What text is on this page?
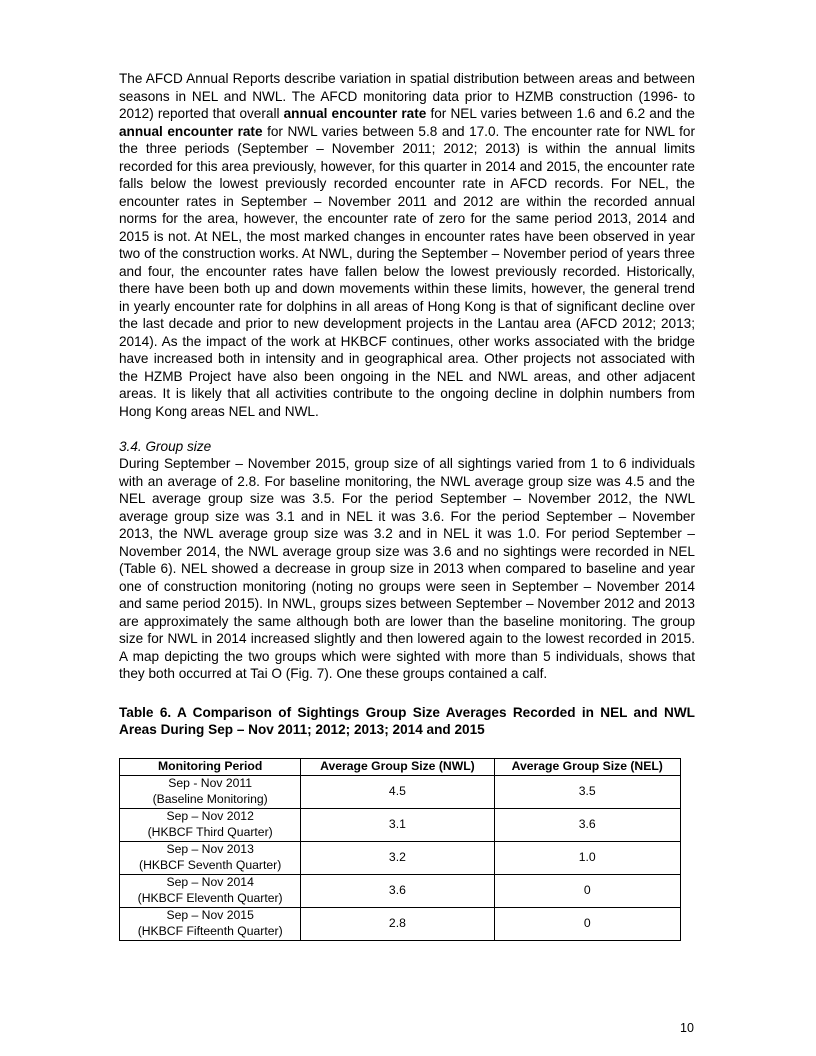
The AFCD Annual Reports describe variation in spatial distribution between areas and between seasons in NEL and NWL. The AFCD monitoring data prior to HZMB construction (1996- to 2012) reported that overall annual encounter rate for NEL varies between 1.6 and 6.2 and the annual encounter rate for NWL varies between 5.8 and 17.0. The encounter rate for NWL for the three periods (September – November 2011; 2012; 2013) is within the annual limits recorded for this area previously, however, for this quarter in 2014 and 2015, the encounter rate falls below the lowest previously recorded encounter rate in AFCD records. For NEL, the encounter rates in September – November 2011 and 2012 are within the recorded annual norms for the area, however, the encounter rate of zero for the same period 2013, 2014 and 2015 is not. At NEL, the most marked changes in encounter rates have been observed in year two of the construction works. At NWL, during the September – November period of years three and four, the encounter rates have fallen below the lowest previously recorded. Historically, there have been both up and down movements within these limits, however, the general trend in yearly encounter rate for dolphins in all areas of Hong Kong is that of significant decline over the last decade and prior to new development projects in the Lantau area (AFCD 2012; 2013; 2014). As the impact of the work at HKBCF continues, other works associated with the bridge have increased both in intensity and in geographical area. Other projects not associated with the HZMB Project have also been ongoing in the NEL and NWL areas, and other adjacent areas. It is likely that all activities contribute to the ongoing decline in dolphin numbers from Hong Kong areas NEL and NWL.

3.4. Group size

During September – November 2015, group size of all sightings varied from 1 to 6 individuals with an average of 2.8. For baseline monitoring, the NWL average group size was 4.5 and the NEL average group size was 3.5. For the period September – November 2012, the NWL average group size was 3.1 and in NEL it was 3.6. For the period September – November 2013, the NWL average group size was 3.2 and in NEL it was 1.0. For period September – November 2014, the NWL average group size was 3.6 and no sightings were recorded in NEL (Table 6). NEL showed a decrease in group size in 2013 when compared to baseline and year one of construction monitoring (noting no groups were seen in September – November 2014 and same period 2015). In NWL, groups sizes between September – November 2012 and 2013 are approximately the same although both are lower than the baseline monitoring. The group size for NWL in 2014 increased slightly and then lowered again to the lowest recorded in 2015. A map depicting the two groups which were sighted with more than 5 individuals, shows that they both occurred at Tai O (Fig. 7). One these groups contained a calf.

Table 6. A Comparison of Sightings Group Size Averages Recorded in NEL and NWL Areas During Sep – Nov 2011; 2012; 2013; 2014 and 2015

Monitoring Period	Average Group Size (NWL)	Average Group Size (NEL)
Sep - Nov 2011
(Baseline Monitoring)	4.5	3.5
Sep – Nov 2012
(HKBCF Third Quarter)	3.1	3.6
Sep – Nov 2013
(HKBCF Seventh Quarter)	3.2	1.0
Sep – Nov 2014
(HKBCF Eleventh Quarter)	3.6	0
Sep – Nov 2015
(HKBCF Fifteenth Quarter)	2.8	0
10
